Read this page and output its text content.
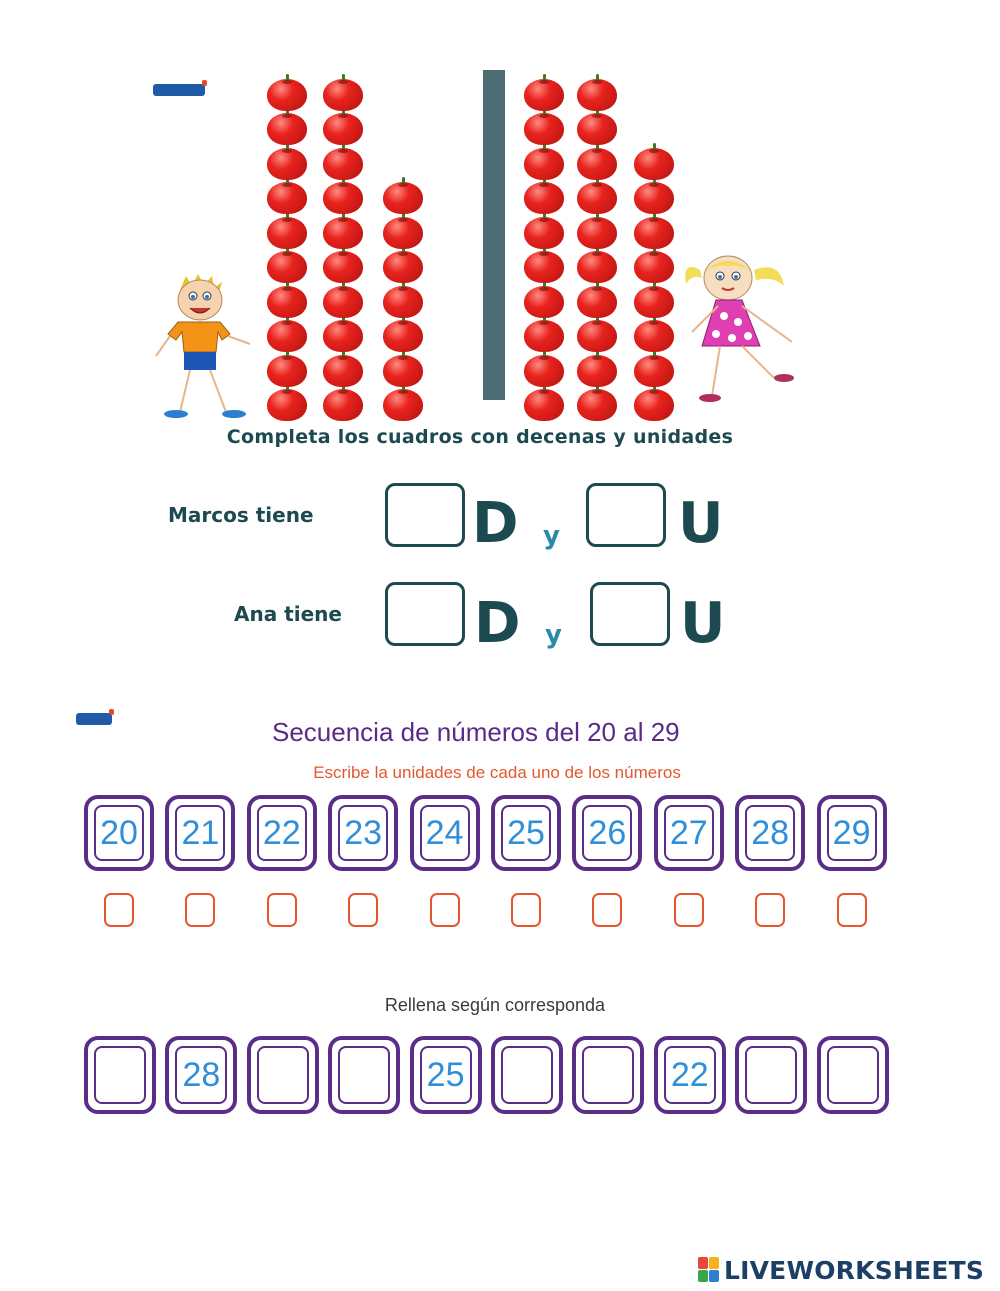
Completa los cuadros con decenas y unidades
Marcos tiene	D y U
Ana tiene D y U
Secuencia de números del 20 al 29
Escribe la unidades de cada uno de los números
20 21 22 23 24 25 26 27 28 29
Rellena según corresponda
28	25	22
LIVEWORKSHEETS
